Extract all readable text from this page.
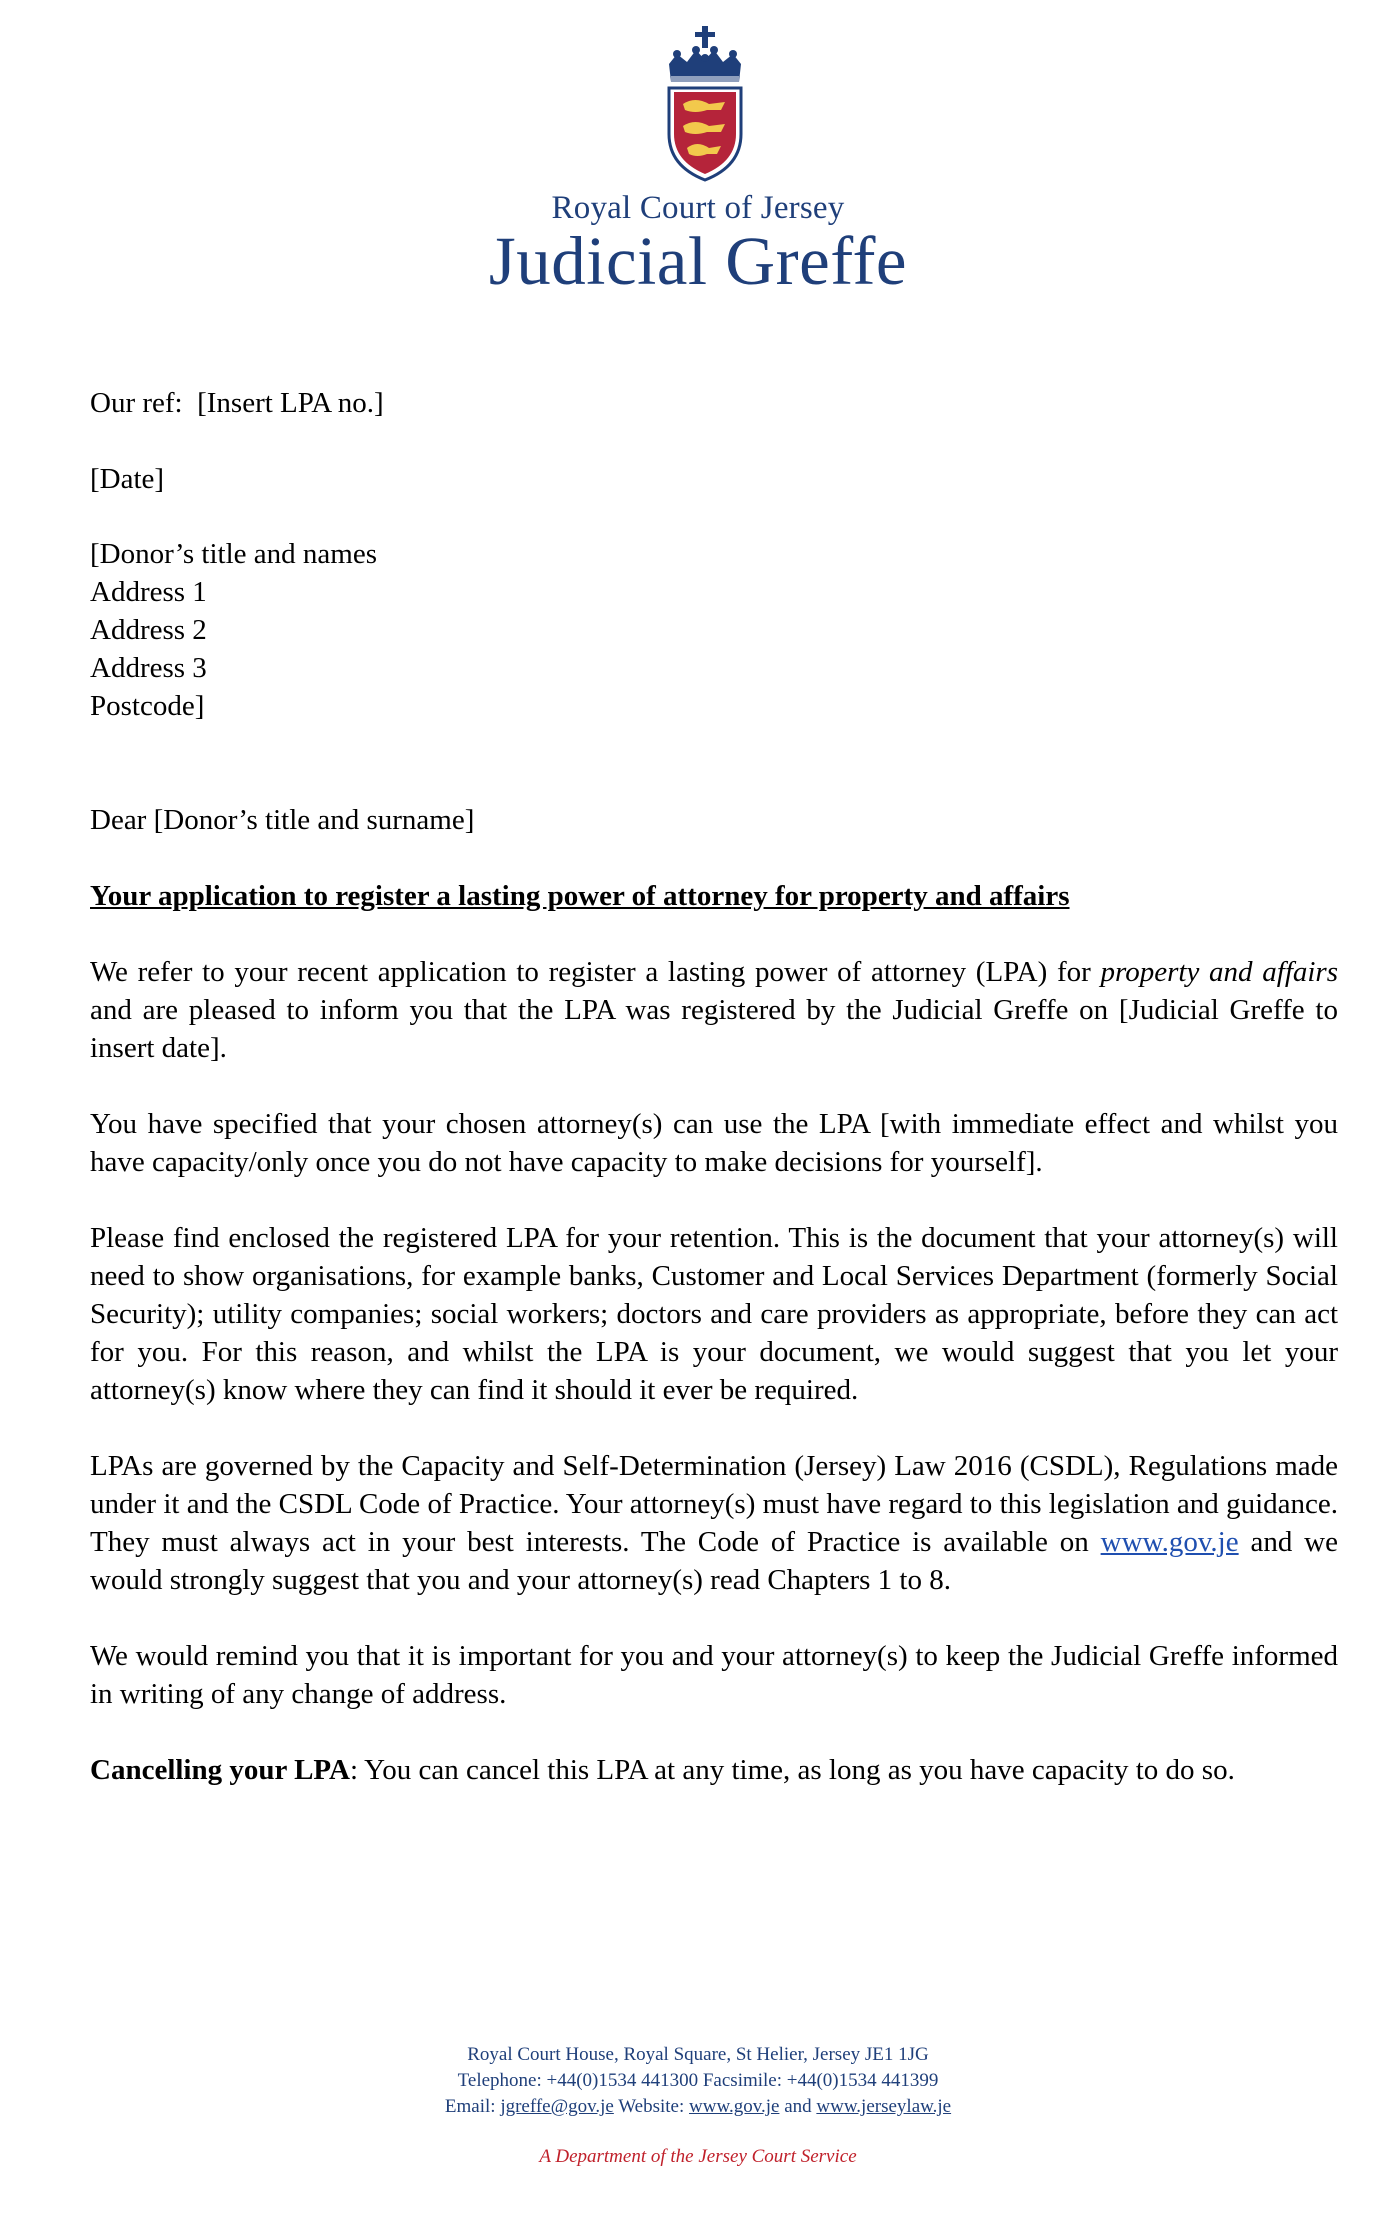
Royal Court of Jersey
Judicial Greffe

Our ref: [Insert LPA no.]

[Date]

[Donor’s title and names

Address 1

Address 2

Address 3

Postcode]

Dear [Donor’s title and surname]

Your application to register a lasting power of attorney for property and affairs

We refer to your recent application to register a lasting power of attorney (LPA) for property and affairs and are pleased to inform you that the LPA was registered by the Judicial Greffe on [Judicial Greffe to insert date].

You have specified that your chosen attorney(s) can use the LPA [with immediate effect and whilst you have capacity/only once you do not have capacity to make decisions for yourself].

Please find enclosed the registered LPA for your retention. This is the document that your attorney(s) will need to show organisations, for example banks, Customer and Local Services Department (formerly Social Security); utility companies; social workers; doctors and care providers as appropriate, before they can act for you. For this reason, and whilst the LPA is your document, we would suggest that you let your attorney(s) know where they can find it should it ever be required.

LPAs are governed by the Capacity and Self-Determination (Jersey) Law 2016 (CSDL), Regulations made under it and the CSDL Code of Practice. Your attorney(s) must have regard to this legislation and guidance. They must always act in your best interests. The Code of Practice is available on www.gov.je and we would strongly suggest that you and your attorney(s) read Chapters 1 to 8.

We would remind you that it is important for you and your attorney(s) to keep the Judicial Greffe informed in writing of any change of address.

Cancelling your LPA: You can cancel this LPA at any time, as long as you have capacity to do so.

Royal Court House, Royal Square, St Helier, Jersey JE1 1JG
Telephone: +44(0)1534 441300 Facsimile: +44(0)1534 441399
Email: jgreffe@gov.je Website: www.gov.je and www.jerseylaw.je
A Department of the Jersey Court Service
